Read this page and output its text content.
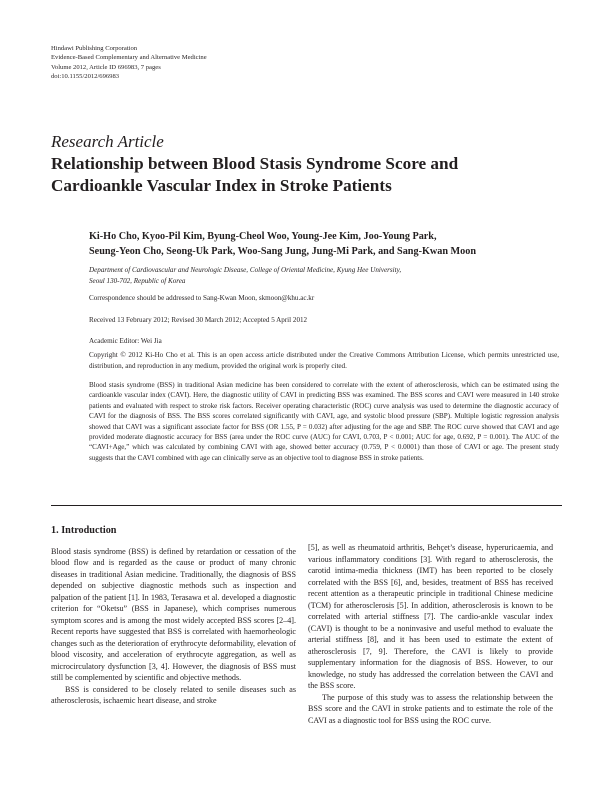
Hindawi Publishing Corporation
Evidence-Based Complementary and Alternative Medicine
Volume 2012, Article ID 696983, 7 pages
doi:10.1155/2012/696983
Research Article
Relationship between Blood Stasis Syndrome Score and
Cardioankle Vascular Index in Stroke Patients
Ki-Ho Cho, Kyoo-Pil Kim, Byung-Cheol Woo, Young-Jee Kim, Joo-Young Park,
Seung-Yeon Cho, Seong-Uk Park, Woo-Sang Jung, Jung-Mi Park, and Sang-Kwan Moon
Department of Cardiovascular and Neurologic Disease, College of Oriental Medicine, Kyung Hee University,
Seoul 130-702, Republic of Korea
Correspondence should be addressed to Sang-Kwan Moon, skmoon@khu.ac.kr
Received 13 February 2012; Revised 30 March 2012; Accepted 5 April 2012
Academic Editor: Wei Jia
Copyright © 2012 Ki-Ho Cho et al. This is an open access article distributed under the Creative Commons Attribution License, which permits unrestricted use, distribution, and reproduction in any medium, provided the original work is properly cited.
Blood stasis syndrome (BSS) in traditional Asian medicine has been considered to correlate with the extent of atherosclerosis, which can be estimated using the cardioankle vascular index (CAVI). Here, the diagnostic utility of CAVI in predicting BSS was examined. The BSS scores and CAVI were measured in 140 stroke patients and evaluated with respect to stroke risk factors. Receiver operating characteristic (ROC) curve analysis was used to determine the diagnostic accuracy of CAVI for the diagnosis of BSS. The BSS scores correlated significantly with CAVI, age, and systolic blood pressure (SBP). Multiple logistic regression analysis showed that CAVI was a significant associate factor for BSS (OR 1.55, P = 0.032) after adjusting for the age and SBP. The ROC curve showed that CAVI and age provided moderate diagnostic accuracy for BSS (area under the ROC curve (AUC) for CAVI, 0.703, P < 0.001; AUC for age, 0.692, P = 0.001). The AUC of the “CAVI+Age,” which was calculated by combining CAVI with age, showed better accuracy (0.759, P < 0.0001) than those of CAVI or age. The present study suggests that the CAVI combined with age can clinically serve as an objective tool to diagnose BSS in stroke patients.
1. Introduction

Blood stasis syndrome (BSS) is defined by retardation or cessation of the blood flow and is regarded as the cause or product of many chronic diseases in traditional Asian medicine. Traditionally, the diagnosis of BSS depended on subjective diagnostic methods such as inspection and palpation of the patient [1]. In 1983, Terasawa et al. developed a diagnostic criterion for “Oketsu” (BSS in Japanese), which comprises numerous symptom scores and is among the most widely accepted BSS scores [2–4]. Recent reports have suggested that BSS is correlated with haemorheologic changes such as the deterioration of erythrocyte deformability, elevation of blood viscosity, and acceleration of erythrocyte aggregation, as well as microcirculatory dysfunction [3, 4]. However, the diagnosis of BSS must still be complemented by scientific and objective methods.

BSS is considered to be closely related to senile diseases such as atherosclerosis, ischaemic heart disease, and stroke

[5], as well as rheumatoid arthritis, Behçet’s disease, hyperuricaemia, and various inflammatory conditions [3]. With regard to atherosclerosis, the carotid intima-media thickness (IMT) has been reported to be closely correlated with the BSS [6], and, besides, treatment of BSS has received recent attention as a therapeutic principle in traditional Chinese medicine (TCM) for atherosclerosis [5]. In addition, atherosclerosis is known to be correlated with arterial stiffness [7]. The cardio-ankle vascular index (CAVI) is thought to be a noninvasive and useful method to evaluate the arterial stiffness [8], and it has been used to estimate the extent of atherosclerosis [7, 9]. Therefore, the CAVI is likely to provide supplementary information for the diagnosis of BSS. However, to our knowledge, no study has addressed the correlation between the CAVI and the BSS score.

The purpose of this study was to assess the relationship between the BSS score and the CAVI in stroke patients and to estimate the role of the CAVI as a diagnostic tool for BSS using the ROC curve.
